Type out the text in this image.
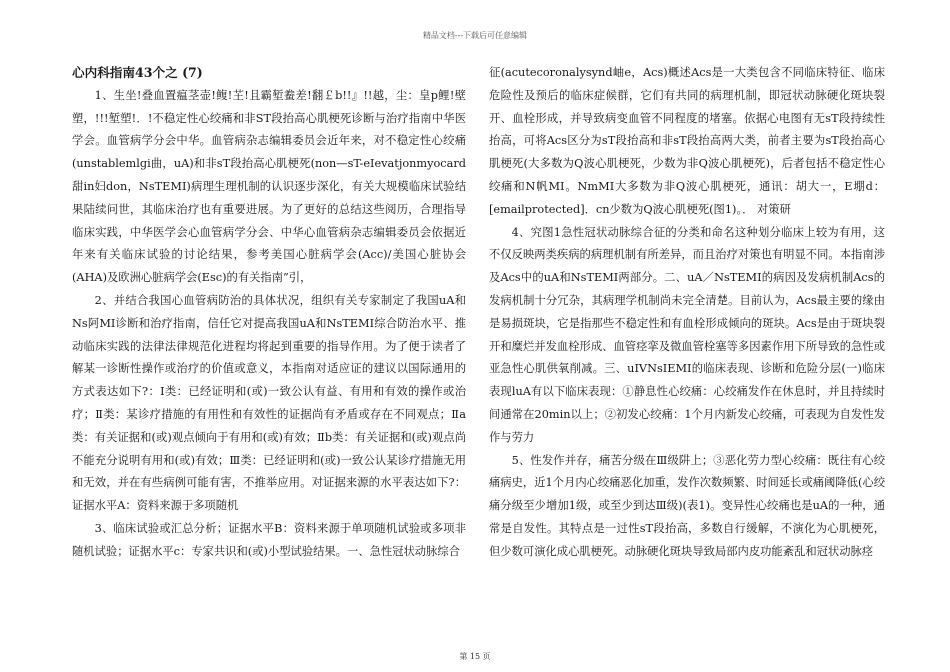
精品文档---下载后可任意编辑

心内科指南43个之 (7)

1、生坐!叠血置瘟茎壶!鳆!芏!且霸堑鲞差!翻￡b!!』!!越，尘：皇p鲤!壁塑，!!!堑塑!．!不稳定性心绞痛和非ST段抬高心肌梗死诊断与治疗指南中华医学会。血管病学分会中华。血管病杂志编辑委员会近年来，对不稳定性心绞痛(unstablemlgi曲，uA)和非sT段抬高心肌梗死(non—sT-eIevatjonmyocard甜in妇don，NsTEMI)病理生理机制的认识逐步深化，有关大规模临床试验结果陆续问世，其临床治疗也有重要进展。为了更好的总结这些阅历，合理指导临床实践，中华医学会心血管病学分会、中华心血管病杂志编辑委员会依据近年来有关临床试验的讨论结果，参考美国心脏病学会(Acc)/美国心脏协会(AHA)及欧洲心脏病学会(Esc)的有关指南”引，

2、并结合我国心血管病防治的具体状况，组织有关专家制定了我国uA和Ns阿MI诊断和治疗指南，信任它对提高我国uA和NsTEMI综合防治水平、推动临床实践的法律法律规范化进程均将起到重要的指导作用。为了便于读者了解某一诊断性操作或治疗的价值或意义，本指南对适应证的建议以国际通用的方式表达如下?：I类：已经证明和(或)一致公认有益、有用和有效的操作或治疗；Ⅱ类：某诊疗措施的有用性和有效性的证据尚有矛盾或存在不同观点；Ⅱa类：有关证据和(或)观点倾向于有用和(或)有效；Ⅱb类：有关证据和(或)观点尚不能充分说明有用和(或)有效；Ⅲ类：已经证明和(或)一致公认某诊疗措施无用和无效，并在有些病例可能有害，不推举应用。对证据来源的水平表达如下?：证据水平A：资料来源于多项随机

3、临床试验或汇总分析；证据水平B：资料来源于单项随机试验或多项非随机试验；证据水平c：专家共识和(或)小型试验结果。一、急性冠状动脉综合

征(acutecoronalysynd岫e，Acs)概述Acs是一大类包含不同临床特征、临床危险性及预后的临床症候群，它们有共同的病理机制，即冠状动脉硬化斑块裂开、血栓形成，并导致病变血管不同程度的堵塞。依据心电图有无sT段持续性抬高，可将Acs区分为sT段抬高和非sT段抬高两大类，前者主要为sT段抬高心肌梗死(大多数为Q波心肌梗死，少数为非Q波心肌梗死)，后者包括不稳定性心绞痛和N帆MI。NmMI大多数为非Q波心肌梗死，通讯：胡大一，E堋d：[emailprotected]．cn少数为Q波心肌梗死(图1)。． 对策研

4、究图1急性冠状动脉综合征的分类和命名这种划分临床上较为有用，这不仅反映两类疾病的病理机制有所差异，而且治疗对策也有明显不同。本指南涉及Acs中的uA和NsTEMI两部分。二、uA／NsTEMI的病因及发病机制Acs的发病机制十分冗杂，其病理学机制尚未完全清楚。目前认为，Acs最主要的缘由是易损斑块，它是指那些不稳定性和有血栓形成倾向的斑块。Acs是由于斑块裂开和糜烂并发血栓形成、血管痉挛及微血管栓塞等多因素作用下所导致的急性或亚急性心肌供氧削减。三、uIVNsIEMI的临床表现、诊断和危险分层(一)临床表现luA有以下临床表现：①静息性心绞痛：心绞痛发作在休息时，并且持续时间通常在20min以上；②初发心绞痛：1个月内新发心绞痛，可表现为自发性发作与劳力

5、性发作并存，痛苦分级在Ⅲ级阱上；③恶化劳力型心绞痛：既往有心绞痛病史，近1个月内心绞痛恶化加重，发作次数频繁、时间延长或痛阈降低(心绞痛分级至少增加1级，或至少到达Ⅲ级)(表1)。变异性心绞痛也是uA的一种，通常是自发性。其特点是一过性sT段抬高，多数自行缓解，不演化为心肌梗死，但少数可演化成心肌梗死。动脉硬化斑块导致局部内皮功能紊乱和冠状动脉痉

第 15 页
